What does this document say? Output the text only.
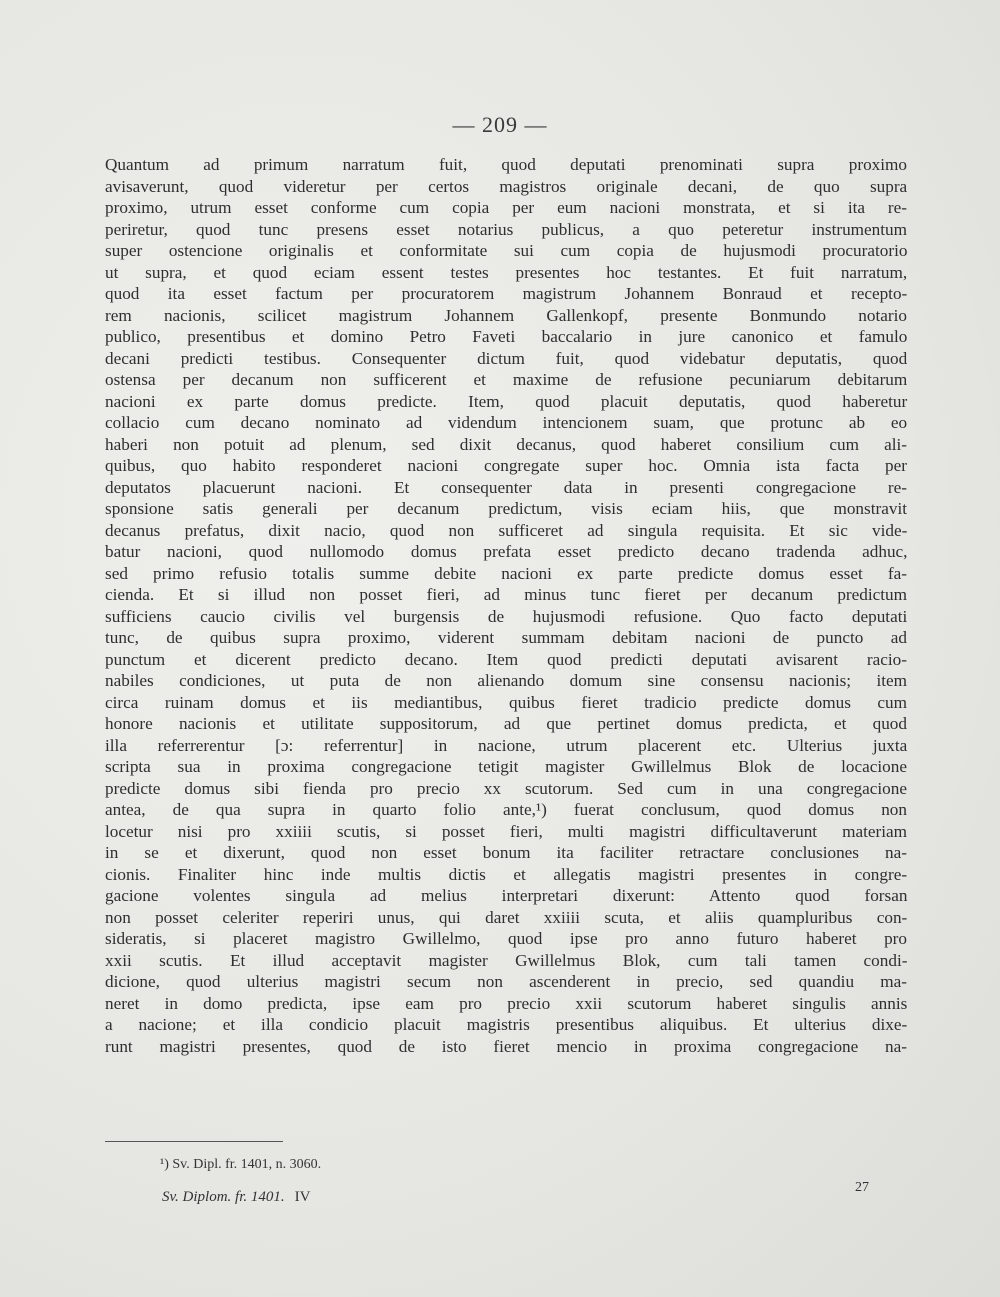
— 209 —
Quantum ad primum narratum fuit, quod deputati prenominati supra proximo
avisaverunt, quod videretur per certos magistros originale decani, de quo supra
proximo, utrum esset conforme cum copia per eum nacioni monstrata, et si ita re-
periretur, quod tunc presens esset notarius publicus, a quo peteretur instrumentum
super ostencione originalis et conformitate sui cum copia de hujusmodi procuratorio
ut supra, et quod eciam essent testes presentes hoc testantes. Et fuit narratum,
quod ita esset factum per procuratorem magistrum Johannem Bonraud et recepto-
rem nacionis, scilicet magistrum Johannem Gallenkopf, presente Bonmundo notario
publico, presentibus et domino Petro Faveti baccalario in jure canonico et famulo
decani predicti testibus. Consequenter dictum fuit, quod videbatur deputatis, quod
ostensa per decanum non sufficerent et maxime de refusione pecuniarum debitarum
nacioni ex parte domus predicte. Item, quod placuit deputatis, quod haberetur
collacio cum decano nominato ad videndum intencionem suam, que protunc ab eo
haberi non potuit ad plenum, sed dixit decanus, quod haberet consilium cum ali-
quibus, quo habito responderet nacioni congregate super hoc. Omnia ista facta per
deputatos placuerunt nacioni. Et consequenter data in presenti congregacione re-
sponsione satis generali per decanum predictum, visis eciam hiis, que monstravit
decanus prefatus, dixit nacio, quod non sufficeret ad singula requisita. Et sic vide-
batur nacioni, quod nullomodo domus prefata esset predicto decano tradenda adhuc,
sed primo refusio totalis summe debite nacioni ex parte predicte domus esset fa-
cienda. Et si illud non posset fieri, ad minus tunc fieret per decanum predictum
sufficiens caucio civilis vel burgensis de hujusmodi refusione. Quo facto deputati
tunc, de quibus supra proximo, viderent summam debitam nacioni de puncto ad
punctum et dicerent predicto decano. Item quod predicti deputati avisarent racio-
nabiles condiciones, ut puta de non alienando domum sine consensu nacionis; item
circa ruinam domus et iis mediantibus, quibus fieret tradicio predicte domus cum
honore nacionis et utilitate suppositorum, ad que pertinet domus predicta, et quod
illa referrerentur [ɔ: referrentur] in nacione, utrum placerent etc. Ulterius juxta
scripta sua in proxima congregacione tetigit magister Gwillelmus Blok de locacione
predicte domus sibi fienda pro precio xx scutorum. Sed cum in una congregacione
antea, de qua supra in quarto folio ante,¹) fuerat conclusum, quod domus non
locetur nisi pro xxiiii scutis, si posset fieri, multi magistri difficultaverunt materiam
in se et dixerunt, quod non esset bonum ita faciliter retractare conclusiones na-
cionis. Finaliter hinc inde multis dictis et allegatis magistri presentes in congre-
gacione volentes singula ad melius interpretari dixerunt: Attento quod forsan
non posset celeriter reperiri unus, qui daret xxiiii scuta, et aliis quampluribus con-
sideratis, si placeret magistro Gwillelmo, quod ipse pro anno futuro haberet pro
xxii scutis. Et illud acceptavit magister Gwillelmus Blok, cum tali tamen condi-
dicione, quod ulterius magistri secum non ascenderent in precio, sed quandiu ma-
neret in domo predicta, ipse eam pro precio xxii scutorum haberet singulis annis
a nacione; et illa condicio placuit magistris presentibus aliquibus. Et ulterius dixe-
runt magistri presentes, quod de isto fieret mencio in proxima congregacione na-
¹) Sv. Dipl. fr. 1401, n. 3060.
Sv. Diplom. fr. 1401. IV
27
